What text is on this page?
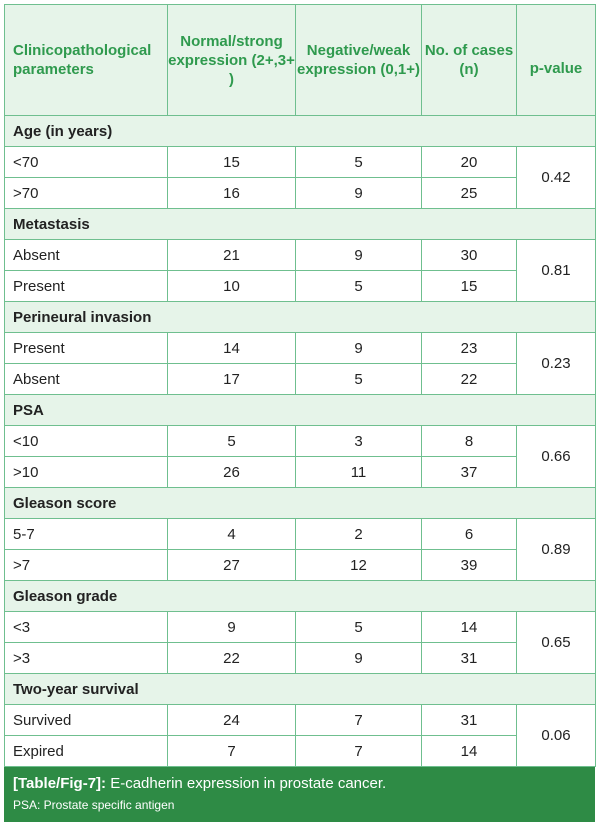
Clinicopathological parameters	Normal/strong expression (2+,3+ )	Negative/weak expression (0,1+)	No. of cases (n)	p-value
Age (in years)				
<70	15	5	20	0.42
>70	16	9	25	
Metastasis				
Absent	21	9	30	0.81
Present	10	5	15	
Perineural invasion				
Present	14	9	23	0.23
Absent	17	5	22	
PSA				
<10	5	3	8	0.66
>10	26	11	37	
Gleason score				
5-7	4	2	6	0.89
>7	27	12	39	
Gleason grade				
<3	9	5	14	0.65
>3	22	9	31	
Two-year survival				
Survived	24	7	31	0.06
Expired	7	7	14	
[Table/Fig-7]: E-cadherin expression in prostate cancer.
PSA: Prostate specific antigen
